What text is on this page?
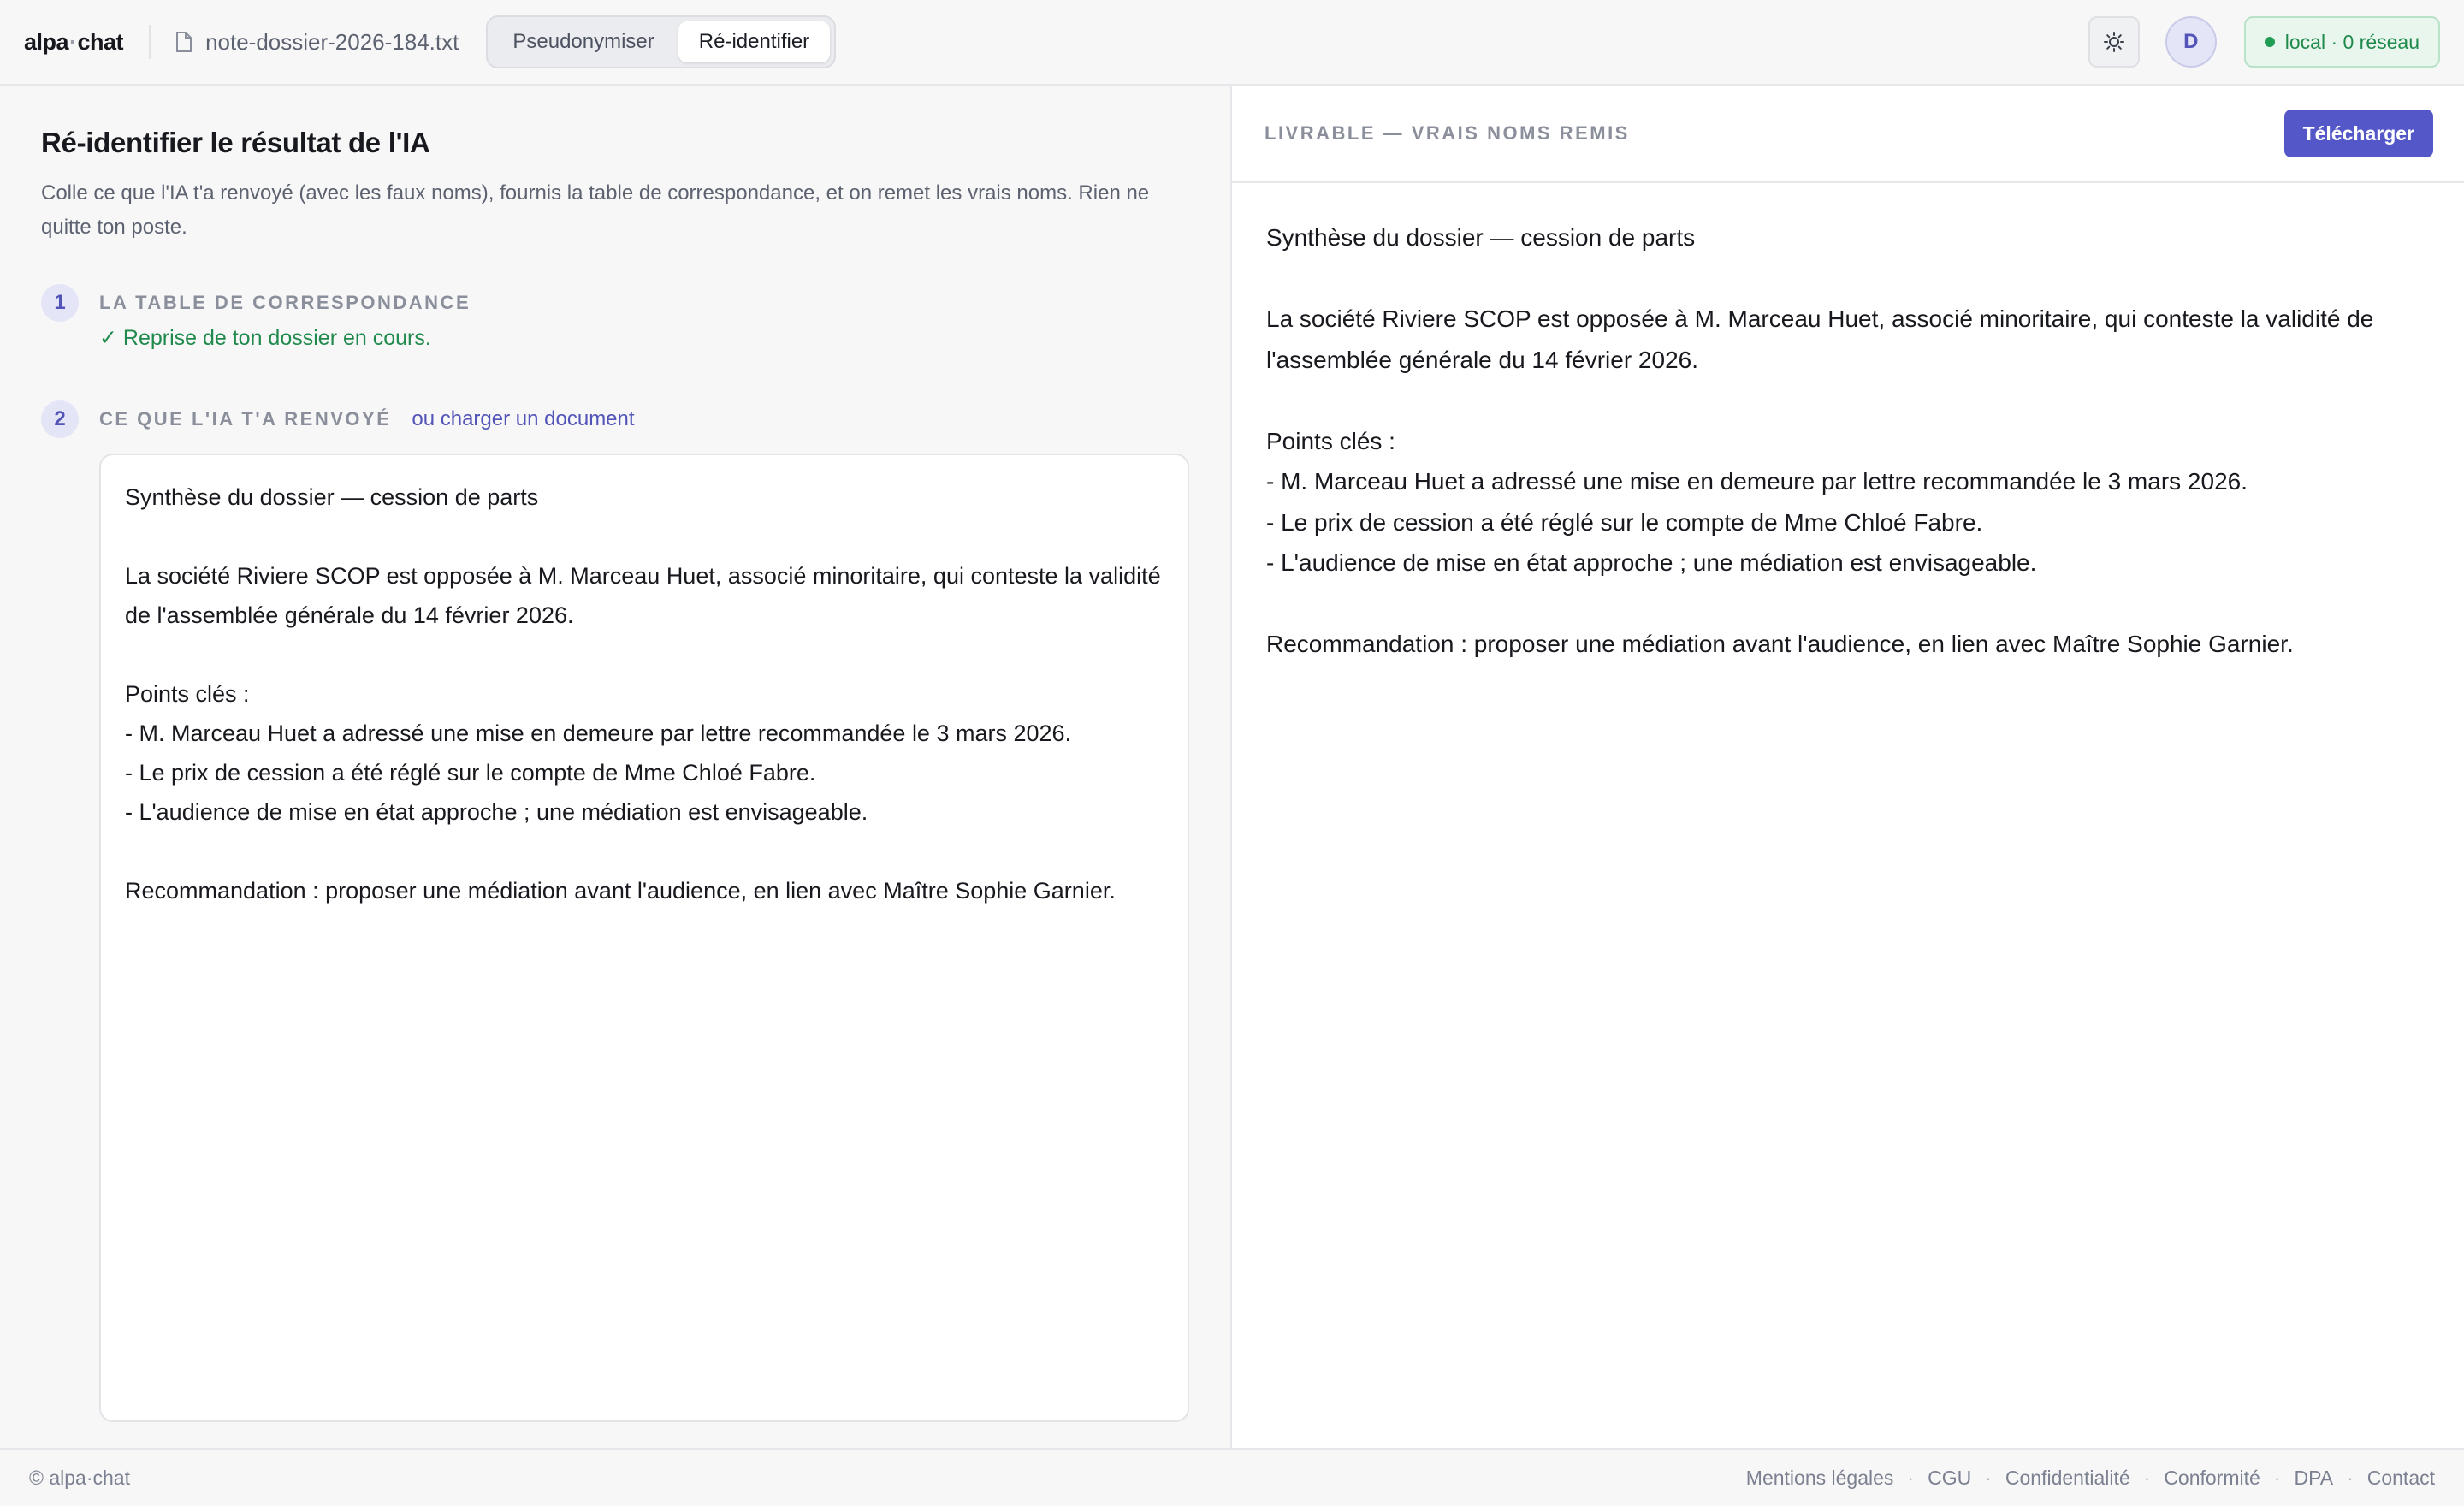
alpa·chat	note-dossier-2026-184.txt	Pseudonymiser	Ré-identifier	D	local · 0 réseau
Ré-identifier le résultat de l'IA

Colle ce que l'IA t'a renvoyé (avec les faux noms), fournis la table de correspondance, et on remet les vrais noms. Rien ne quitte ton poste.

1	LA TABLE DE CORRESPONDANCE
✓ Reprise de ton dossier en cours.
2	CE QUE L'IA T'A RENVOYÉ ou charger un document
Synthèse du dossier — cession de parts

La société Riviere SCOP est opposée à M. Marceau Huet, associé minoritaire, qui conteste la validité de l'assemblée générale du 14 février 2026.

Points clés :
- M. Marceau Huet a adressé une mise en demeure par lettre recommandée le 3 mars 2026.
- Le prix de cession a été réglé sur le compte de Mme Chloé Fabre.
- L'audience de mise en état approche ; une médiation est envisageable.

Recommandation : proposer une médiation avant l'audience, en lien avec Maître Sophie Garnier.
LIVRABLE — VRAIS NOMS REMIS	Télécharger
Synthèse du dossier — cession de parts

La société Riviere SCOP est opposée à M. Marceau Huet, associé minoritaire, qui conteste la validité de l'assemblée générale du 14 février 2026.

Points clés :
- M. Marceau Huet a adressé une mise en demeure par lettre recommandée le 3 mars 2026.
- Le prix de cession a été réglé sur le compte de Mme Chloé Fabre.
- L'audience de mise en état approche ; une médiation est envisageable.

Recommandation : proposer une médiation avant l'audience, en lien avec Maître Sophie Garnier.
© alpa·chat	Mentions légales · CGU · Confidentialité · Conformité · DPA · Contact
